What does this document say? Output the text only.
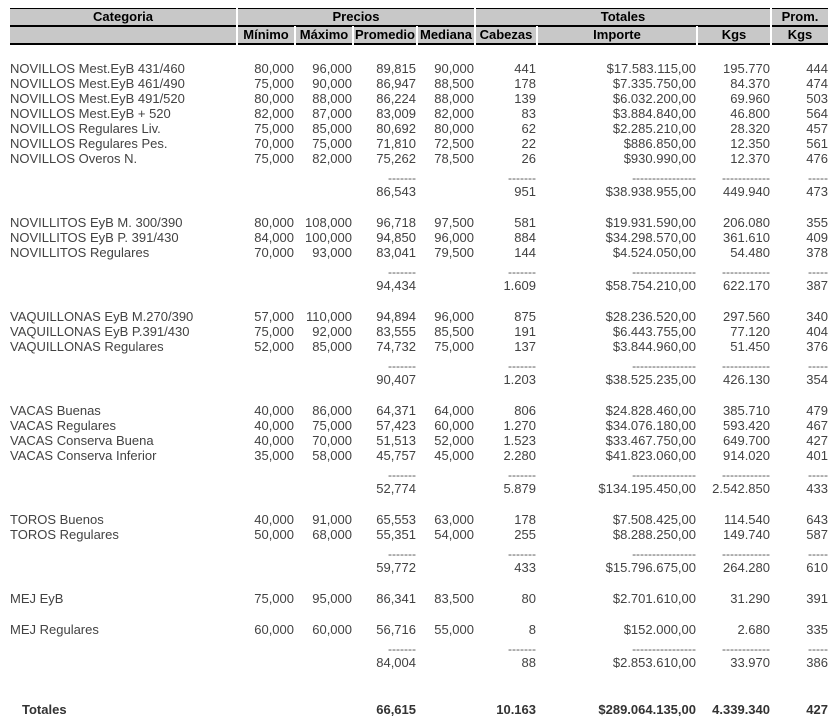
Categoria	Precios				Totales			Prom.
	Mínimo	Máximo	Promedio	Mediana	Cabezas	Importe	Kgs	Kgs

NOVILLOS Mest.EyB 431/460	80,000	96,000	89,815	90,000	441	$17.583.115,00	195.770	444
NOVILLOS Mest.EyB 461/490	75,000	90,000	86,947	88,500	178	$7.335.750,00	84.370	474
NOVILLOS Mest.EyB 491/520	80,000	88,000	86,224	88,000	139	$6.032.200,00	69.960	503
NOVILLOS Mest.EyB + 520	82,000	87,000	83,009	82,000	83	$3.884.840,00	46.800	564
NOVILLOS Regulares Liv.	75,000	85,000	80,692	80,000	62	$2.285.210,00	28.320	457
NOVILLOS Regulares Pes.	70,000	75,000	71,810	72,500	22	$886.850,00	12.350	561
NOVILLOS Overos N.	75,000	82,000	75,262	78,500	26	$930.990,00	12.370	476

			-------		-------	----------------	------------	-----
			86,543		951	$38.938.955,00	449.940	473

NOVILLITOS EyB M. 300/390	80,000	108,000	96,718	97,500	581	$19.931.590,00	206.080	355
NOVILLITOS EyB P. 391/430	84,000	100,000	94,850	96,000	884	$34.298.570,00	361.610	409
NOVILLITOS Regulares	70,000	93,000	83,041	79,500	144	$4.524.050,00	54.480	378

			-------		-------	----------------	------------	-----
			94,434		1.609	$58.754.210,00	622.170	387

VAQUILLONAS EyB M.270/390	57,000	110,000	94,894	96,000	875	$28.236.520,00	297.560	340
VAQUILLONAS EyB P.391/430	75,000	92,000	83,555	85,500	191	$6.443.755,00	77.120	404
VAQUILLONAS Regulares	52,000	85,000	74,732	75,000	137	$3.844.960,00	51.450	376

			-------		-------	----------------	------------	-----
			90,407		1.203	$38.525.235,00	426.130	354

VACAS Buenas	40,000	86,000	64,371	64,000	806	$24.828.460,00	385.710	479
VACAS Regulares	40,000	75,000	57,423	60,000	1.270	$34.076.180,00	593.420	467
VACAS Conserva Buena	40,000	70,000	51,513	52,000	1.523	$33.467.750,00	649.700	427
VACAS Conserva Inferior	35,000	58,000	45,757	45,000	2.280	$41.823.060,00	914.020	401

			-------		-------	----------------	------------	-----
			52,774		5.879	$134.195.450,00	2.542.850	433

TOROS Buenos	40,000	91,000	65,553	63,000	178	$7.508.425,00	114.540	643
TOROS Regulares	50,000	68,000	55,351	54,000	255	$8.288.250,00	149.740	587

			-------		-------	----------------	------------	-----
			59,772		433	$15.796.675,00	264.280	610

MEJ EyB	75,000	95,000	86,341	83,500	80	$2.701.610,00	31.290	391

MEJ Regulares	60,000	60,000	56,716	55,000	8	$152.000,00	2.680	335

			-------		-------	----------------	------------	-----
			84,004		88	$2.853.610,00	33.970	386

Totales			66,615		10.163	$289.064.135,00	4.339.340	427
